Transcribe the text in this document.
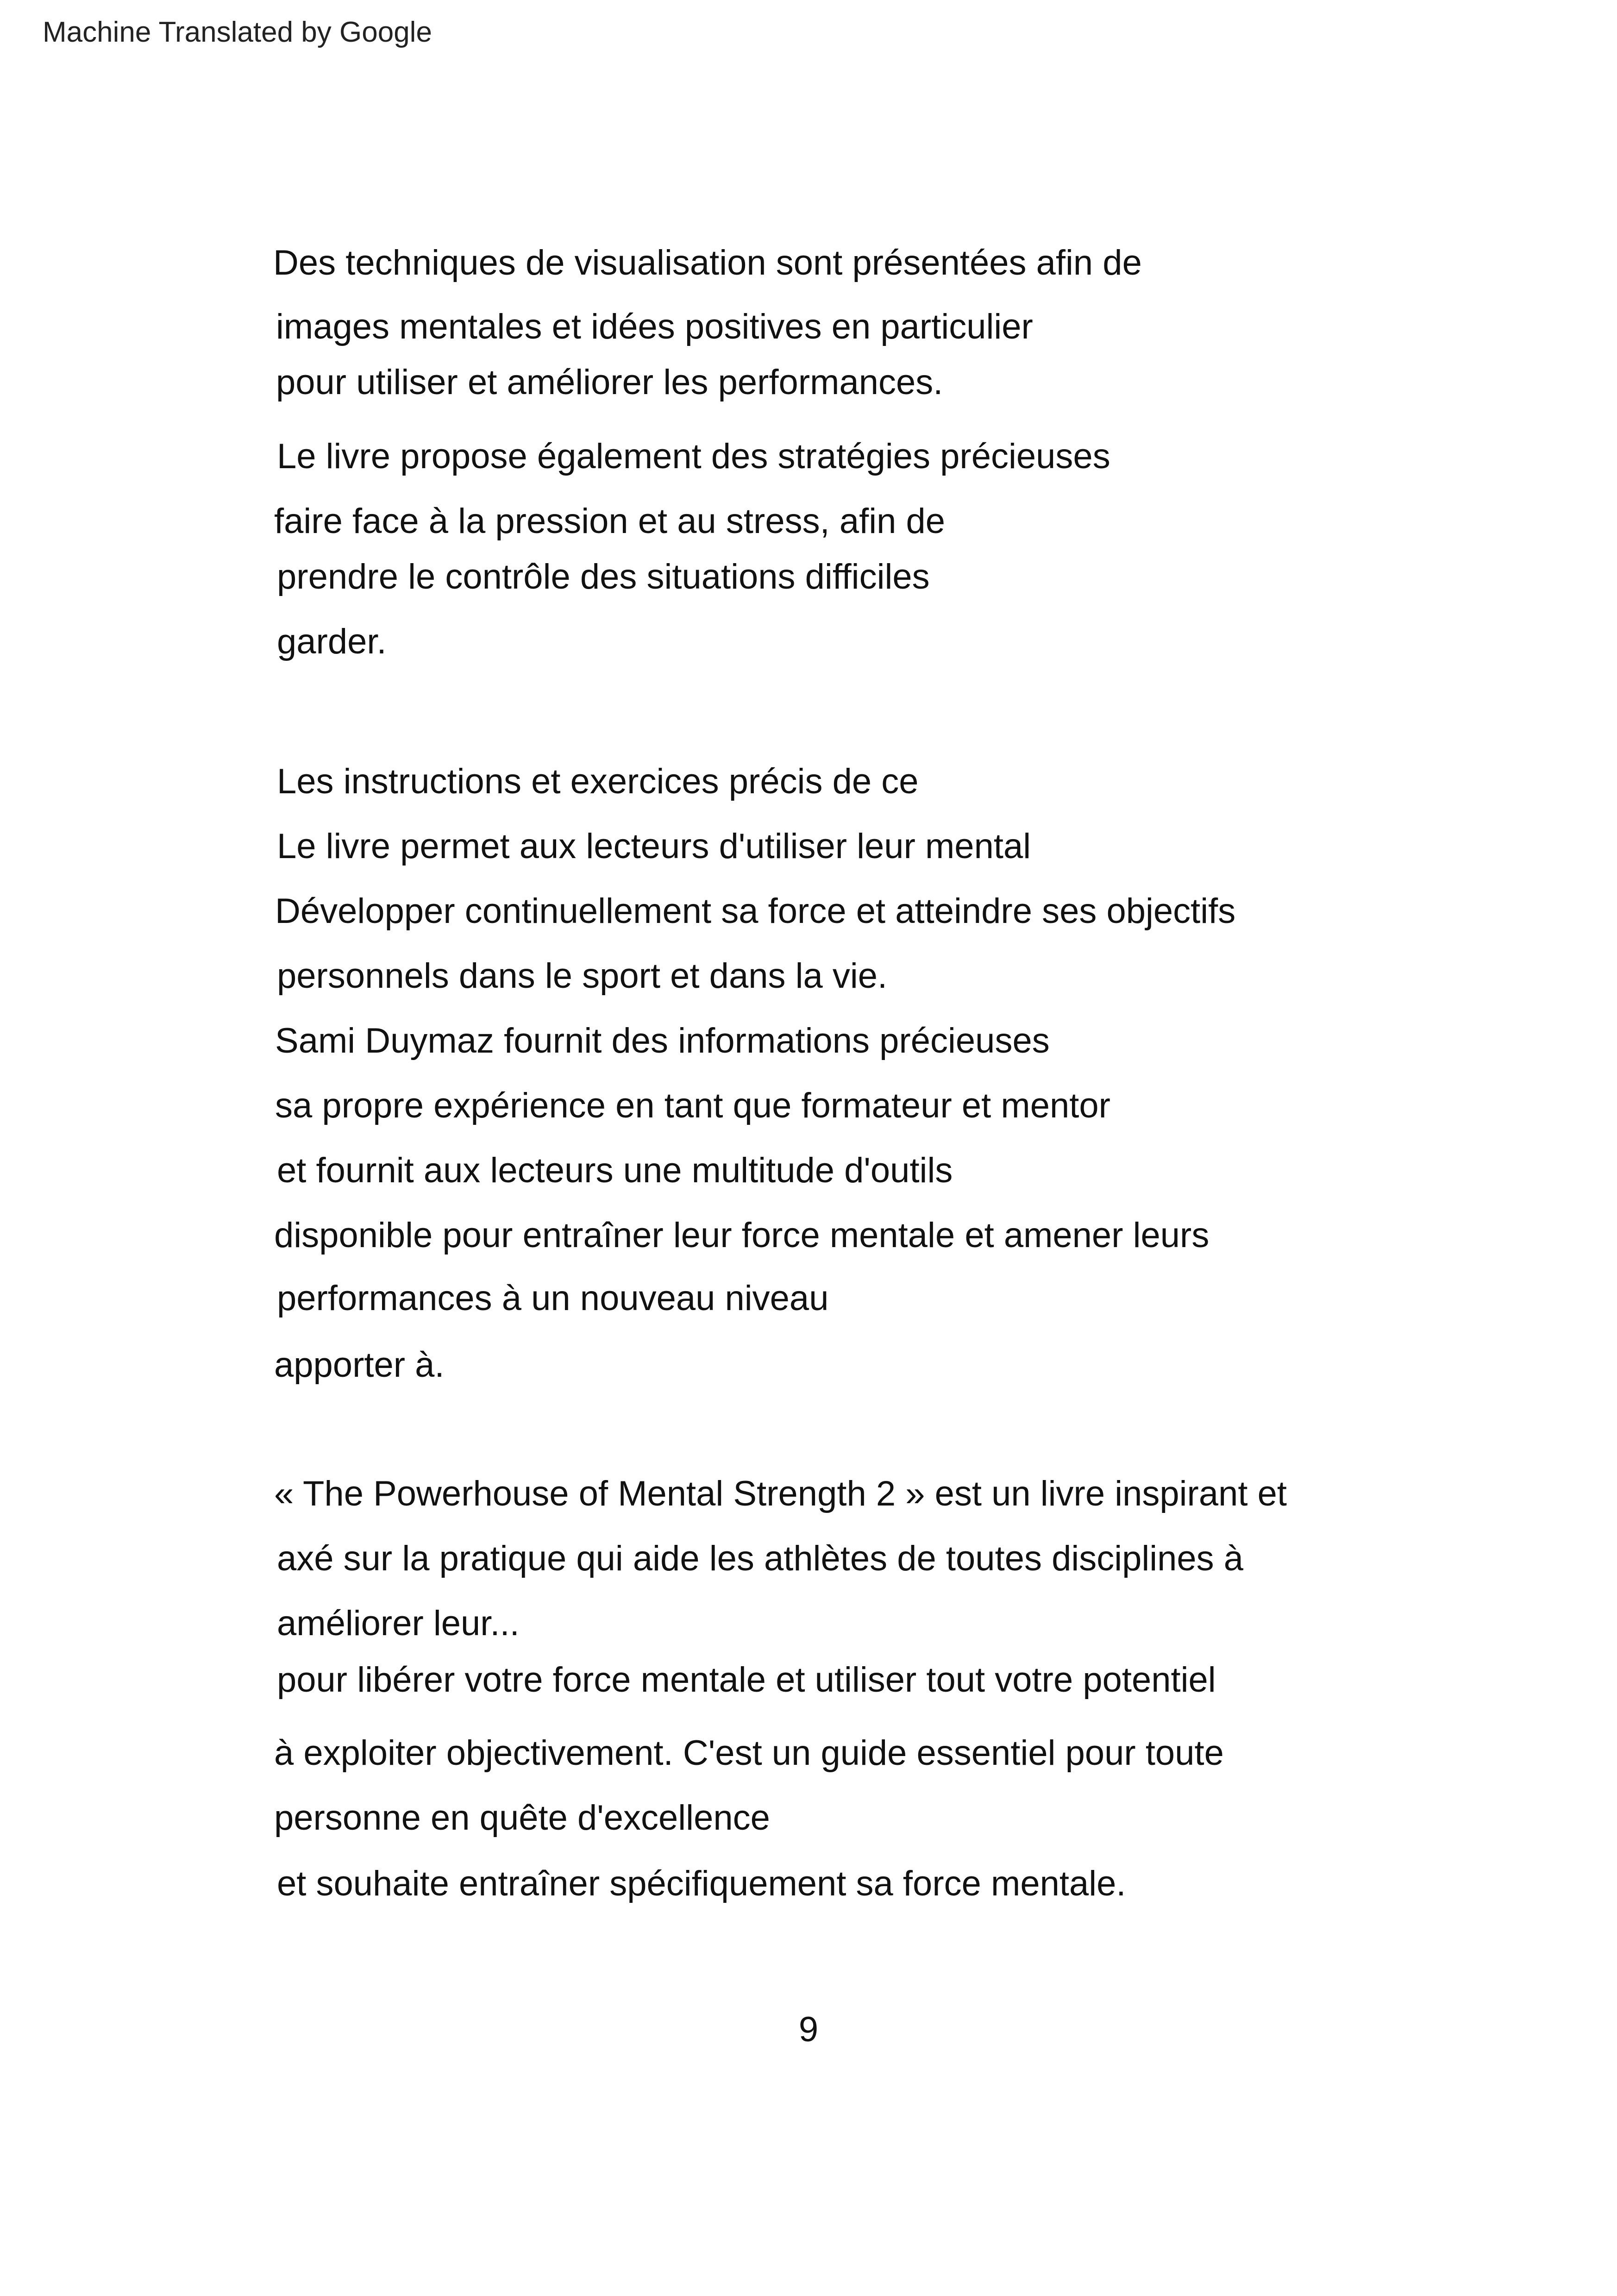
Machine Translated by Google
Des techniques de visualisation sont présentées afin de
images mentales et idées positives en particulier
pour utiliser et améliorer les performances.
Le livre propose également des stratégies précieuses
faire face à la pression et au stress, afin de
prendre le contrôle des situations difficiles
garder.
Les instructions et exercices précis de ce
Le livre permet aux lecteurs d'utiliser leur mental
Développer continuellement sa force et atteindre ses objectifs
personnels dans le sport et dans la vie.
Sami Duymaz fournit des informations précieuses
sa propre expérience en tant que formateur et mentor
et fournit aux lecteurs une multitude d'outils
disponible pour entraîner leur force mentale et amener leurs
performances à un nouveau niveau
apporter à.
« The Powerhouse of Mental Strength 2 » est un livre inspirant et
axé sur la pratique qui aide les athlètes de toutes disciplines à
améliorer leur...
pour libérer votre force mentale et utiliser tout votre potentiel
à exploiter objectivement. C'est un guide essentiel pour toute
personne en quête d'excellence
et souhaite entraîner spécifiquement sa force mentale.
9
